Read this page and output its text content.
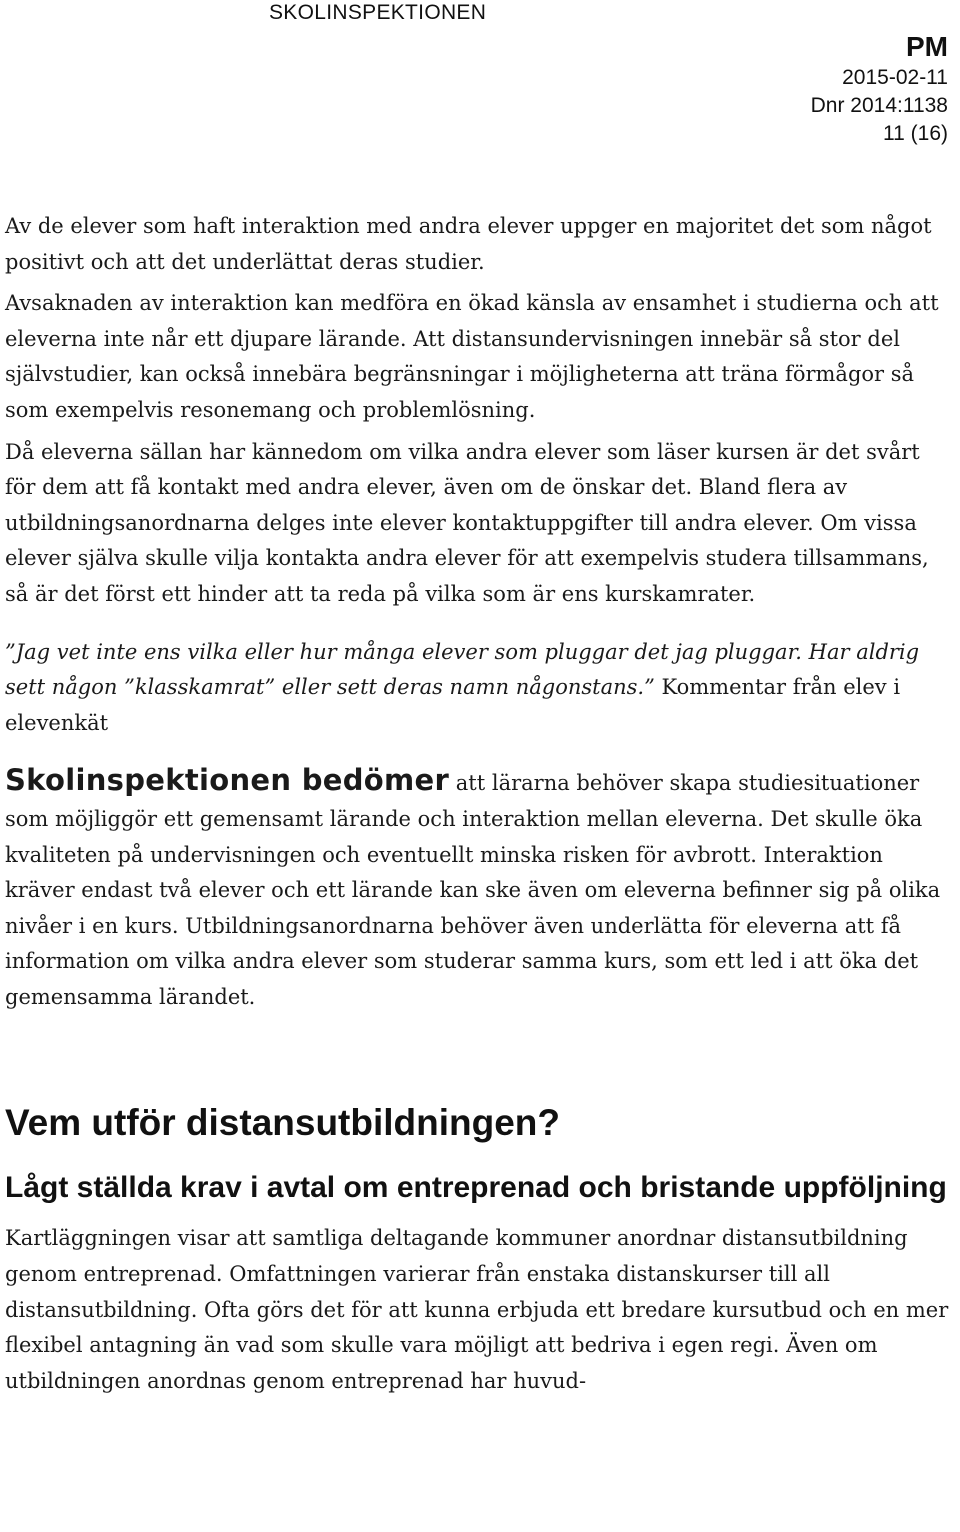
SKOLINSPEKTIONEN
PM
2015-02-11
Dnr 2014:1138
11 (16)

Av de elever som haft interaktion med andra elever uppger en majoritet det som något positivt och att det underlättat deras studier.

Avsaknaden av interaktion kan medföra en ökad känsla av ensamhet i studierna och att eleverna inte når ett djupare lärande. Att distansundervisningen innebär så stor del självstudier, kan också innebära begränsningar i möjligheterna att träna förmågor så som exempelvis resonemang och problemlösning.

Då eleverna sällan har kännedom om vilka andra elever som läser kursen är det svårt för dem att få kontakt med andra elever, även om de önskar det. Bland flera av utbildningsanordnarna delges inte elever kontaktuppgifter till andra elever. Om vissa elever själva skulle vilja kontakta andra elever för att exempelvis studera tillsammans, så är det först ett hinder att ta reda på vilka som är ens kurskamrater.

”Jag vet inte ens vilka eller hur många elever som pluggar det jag pluggar. Har aldrig sett någon ”klasskamrat” eller sett deras namn någonstans.” Kommentar från elev i elevenkät

Skolinspektionen bedömer att lärarna behöver skapa studiesituationer som möjliggör ett gemensamt lärande och interaktion mellan eleverna. Det skulle öka kvaliteten på undervisningen och eventuellt minska risken för avbrott. Interaktion kräver endast två elever och ett lärande kan ske även om eleverna befinner sig på olika nivåer i en kurs. Utbildningsanordnarna behöver även underlätta för eleverna att få information om vilka andra elever som studerar samma kurs, som ett led i att öka det gemensamma lärandet.

Vem utför distansutbildningen?
Lågt ställda krav i avtal om entreprenad och bristande uppföljning

Kartläggningen visar att samtliga deltagande kommuner anordnar distansutbildning genom entreprenad. Omfattningen varierar från enstaka distanskurser till all distansutbildning. Ofta görs det för att kunna erbjuda ett bredare kursutbud och en mer flexibel antagning än vad som skulle vara möjligt att bedriva i egen regi. Även om utbildningen anordnas genom entreprenad har huvud-
